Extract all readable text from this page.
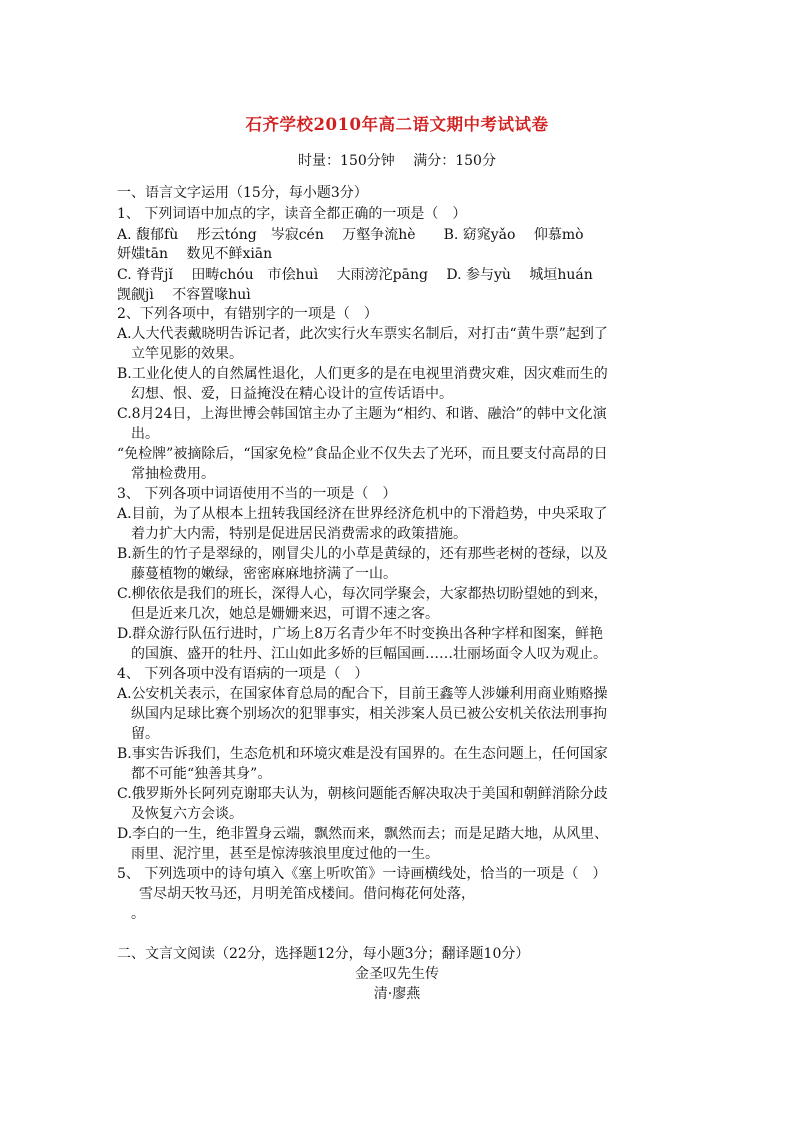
石齐学校2010年高二语文期中考试试卷
时量：150分钟　 满分：150分
一、语言文字运用（15分，每小题3分）
1、 下列词语中加点的字，读音全都正确的一项是（　）
A. 馥郁fù　 彤云tóng　岑寂cén　 万壑争流hè　　B. 窈窕yǎo　 仰慕mò
妍媸tān　 数见不鲜xiān
C. 脊背jǐ　 田畴chóu　市侩huì　 大雨滂沱pāng　 D. 参与yù　 城垣huán
觊觎jì　 不容置喙huì
2、下列各项中，有错别字的一项是（　）
A.人大代表戴晓明告诉记者，此次实行火车票实名制后，对打击“黄牛票”起到了
立竿见影的效果。
B.工业化使人的自然属性退化，人们更多的是在电视里消费灾难，因灾难而生的
幻想、恨、爱，日益掩没在精心设计的宣传话语中。
C.8月24日，上海世博会韩国馆主办了主题为“相约、和谐、融洽”的韩中文化演
出。
“免检牌”被摘除后，“国家免检”食品企业不仅失去了光环，而且要支付高昂的日
常抽检费用。
3、 下列各项中词语使用不当的一项是（　）
A.目前，为了从根本上扭转我国经济在世界经济危机中的下滑趋势，中央采取了
着力扩大内需，特别是促进居民消费需求的政策措施。
B.新生的竹子是翠绿的，刚冒尖儿的小草是黄绿的，还有那些老树的苍绿，以及
藤蔓植物的嫩绿，密密麻麻地挤满了一山。
C.柳依依是我们的班长，深得人心，每次同学聚会，大家都热切盼望她的到来，
但是近来几次，她总是姗姗来迟，可谓不速之客。
D.群众游行队伍行进时，广场上8万名青少年不时变换出各种字样和图案，鲜艳
的国旗、盛开的牡丹、江山如此多娇的巨幅国画……壮丽场面令人叹为观止。
4、 下列各项中没有语病的一项是（　）
A.公安机关表示，在国家体育总局的配合下，目前王鑫等人涉嫌利用商业贿赂操
纵国内足球比赛个别场次的犯罪事实，相关涉案人员已被公安机关依法刑事拘
留。
B.事实告诉我们，生态危机和环境灾难是没有国界的。在生态问题上，任何国家
都不可能“独善其身”。
C.俄罗斯外长阿列克谢耶夫认为，朝核问题能否解决取决于美国和朝鲜消除分歧
及恢复六方会谈。
D.李白的一生，绝非置身云端，飘然而来，飘然而去；而是足踏大地，从风里、
雨里、泥泞里，甚至是惊涛骇浪里度过他的一生。
5、 下列选项中的诗句填入《塞上听吹笛》一诗画横线处，恰当的一项是（　）
雪尽胡天牧马还，月明羌笛戍楼间。借问梅花何处落，
。
二、文言文阅读（22分，选择题12分，每小题3分；翻译题10分）
金圣叹先生传
清·廖燕
